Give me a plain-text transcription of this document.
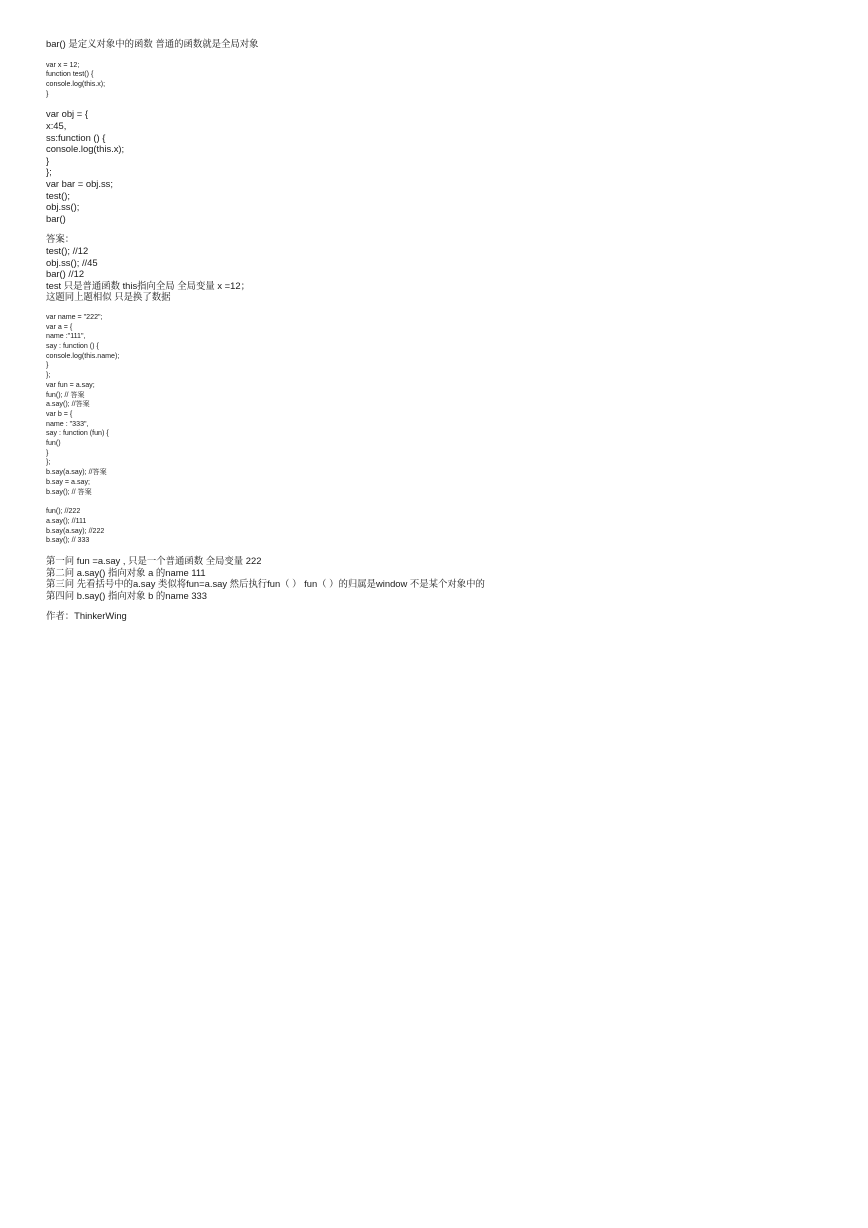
bar() 是定义对象中的函数 普通的函数就是全局对象
var x = 12;
function test() {
console.log(this.x);
}
var obj = {
x:45,
ss:function () {
console.log(this.x);
}
};
var bar = obj.ss;
test();
obj.ss();
bar()
答案：
test(); //12
obj.ss(); //45
bar() //12
test 只是普通函数 this指向全局 全局变量 x =12；
这题同上题相似 只是换了数据
var name = "222";
var a = {
name :"111",
say : function () {
console.log(this.name);
}
};
var fun = a.say;
fun(); // 答案
a.say(); //答案
var b = {
name : "333",
say : function (fun) {
fun()
}
};
b.say(a.say); //答案
b.say = a.say;
b.say(); // 答案
fun(); //222
a.say(); //111
b.say(a.say); //222
b.say(); // 333
第一问 fun =a.say , 只是一个普通函数 全局变量 222
第二问 a.say() 指向对象 a 的name 111
第三问 先看括号中的a.say 类似将fun=a.say 然后执行fun（ ） fun（ ）的归属是window 不是某个对象中的
第四问 b.say() 指向对象 b 的name 333
作者：ThinkerWing
